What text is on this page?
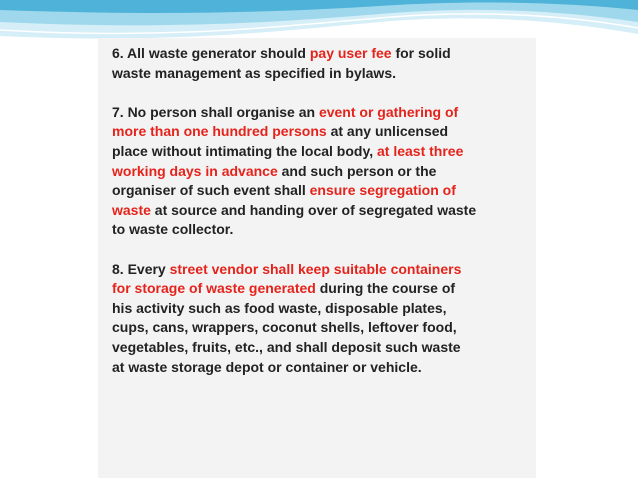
6. All waste generator should pay user fee for solid
waste management as specified in bylaws.

7. No person shall organise an event or gathering of
more than one hundred persons at any unlicensed
place without intimating the local body, at least three
working days in advance and such person or the
organiser of such event shall ensure segregation of
waste at source and handing over of segregated waste
to waste collector.

8. Every street vendor shall keep suitable containers
for storage of waste generated during the course of
his activity such as food waste, disposable plates,
cups, cans, wrappers, coconut shells, leftover food,
vegetables, fruits, etc., and shall deposit such waste
at waste storage depot or container or vehicle.
